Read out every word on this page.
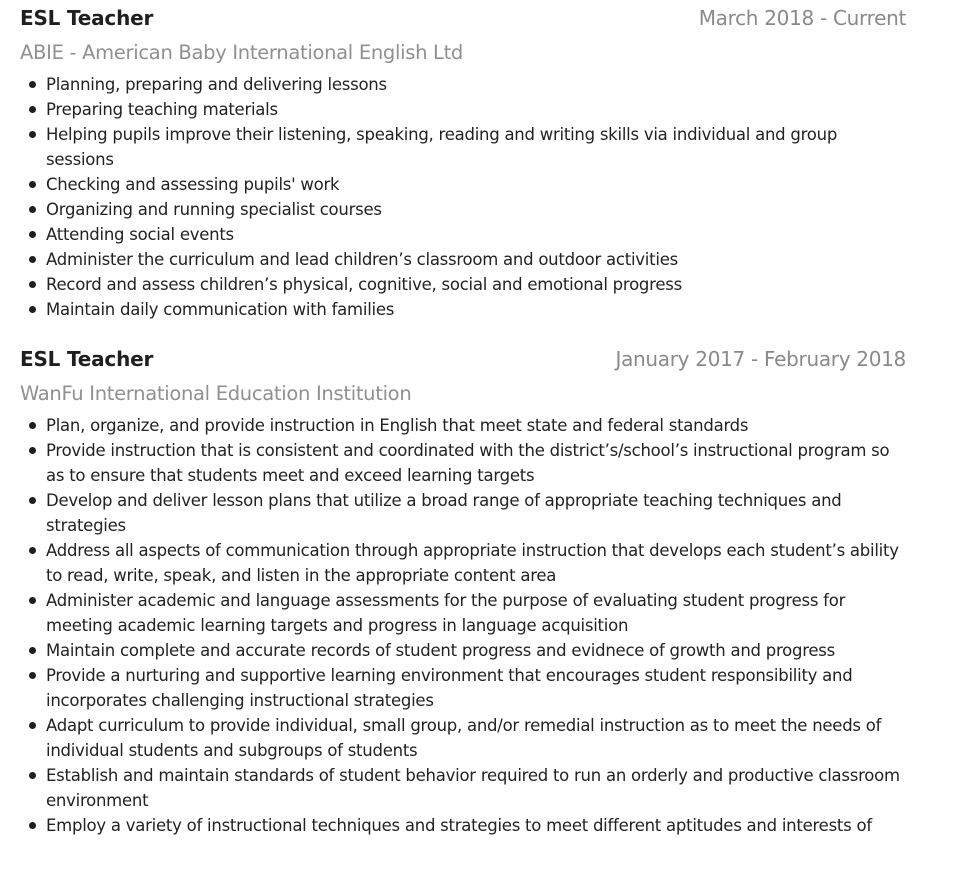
ESL Teacher	March 2018 - Current
ABIE - American Baby International English Ltd
Planning, preparing and delivering lessons
Preparing teaching materials
Helping pupils improve their listening, speaking, reading and writing skills via individual and group sessions
Checking and assessing pupils' work
Organizing and running specialist courses
Attending social events
Administer the curriculum and lead children’s classroom and outdoor activities
Record and assess children’s physical, cognitive, social and emotional progress
Maintain daily communication with families
ESL Teacher	January 2017 - February 2018
WanFu International Education Institution
Plan, organize, and provide instruction in English that meet state and federal standards
Provide instruction that is consistent and coordinated with the district’s/school’s instructional program so as to ensure that students meet and exceed learning targets
Develop and deliver lesson plans that utilize a broad range of appropriate teaching techniques and strategies
Address all aspects of communication through appropriate instruction that develops each student’s ability to read, write, speak, and listen in the appropriate content area
Administer academic and language assessments for the purpose of evaluating student progress for meeting academic learning targets and progress in language acquisition
Maintain complete and accurate records of student progress and evidnece of growth and progress
Provide a nurturing and supportive learning environment that encourages student responsibility and incorporates challenging instructional strategies
Adapt curriculum to provide individual, small group, and/or remedial instruction as to meet the needs of individual students and subgroups of students
Establish and maintain standards of student behavior required to run an orderly and productive classroom environment
Employ a variety of instructional techniques and strategies to meet different aptitudes and interests of
